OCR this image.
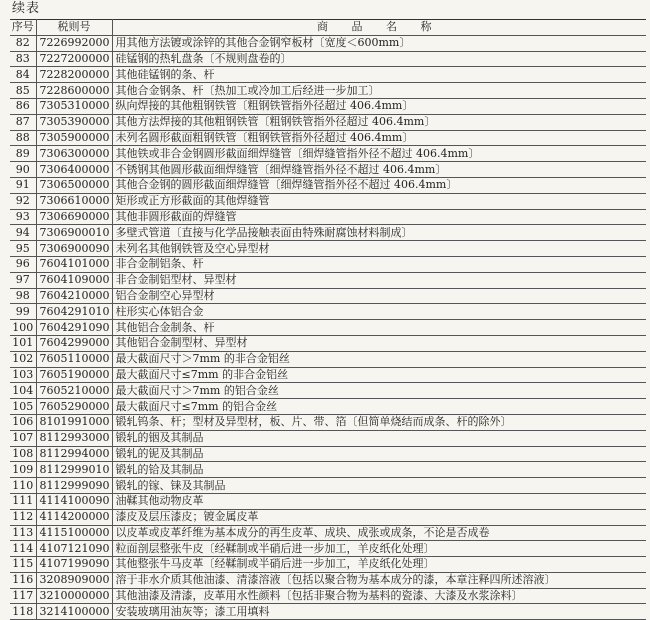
续表
序号	税则号	商 品 名 称
82	7226992000	用其他方法镀或涂锌的其他合金钢窄板材〔宽度＜600mm〕
83	7227200000	硅锰钢的热轧盘条〔不规则盘卷的〕
84	7228200000	其他硅锰钢的条、杆
85	7228600000	其他合金钢条、杆〔热加工或冷加工后经进一步加工〕
86	7305310000	纵向焊接的其他粗钢铁管〔粗钢铁管指外径超过 406.4mm〕
87	7305390000	其他方法焊接的其他粗钢铁管〔粗钢铁管指外径超过 406.4mm〕
88	7305900000	未列名圆形截面粗钢铁管〔粗钢铁管指外径超过 406.4mm〕
89	7306300000	其他铁或非合金钢圆形截面细焊缝管〔细焊缝管指外径不超过 406.4mm〕
90	7306400000	不锈钢其他圆形截面细焊缝管〔细焊缝管指外径不超过 406.4mm〕
91	7306500000	其他合金钢的圆形截面细焊缝管〔细焊缝管指外径不超过 406.4mm〕
92	7306610000	矩形或正方形截面的其他焊缝管
93	7306690000	其他非圆形截面的焊缝管
94	7306900010	多壁式管道〔直接与化学品接触表面由特殊耐腐蚀材料制成〕
95	7306900090	未列名其他钢铁管及空心异型材
96	7604101000	非合金制铝条、杆
97	7604109000	非合金制铝型材、异型材
98	7604210000	铝合金制空心异型材
99	7604291010	柱形实心体铝合金
100	7604291090	其他铝合金制条、杆
101	7604299000	其他铝合金制型材、异型材
102	7605110000	最大截面尺寸＞7mm 的非合金铝丝
103	7605190000	最大截面尺寸≤7mm 的非合金铝丝
104	7605210000	最大截面尺寸＞7mm 的铝合金丝
105	7605290000	最大截面尺寸≤7mm 的铝合金丝
106	8101991000	锻轧钨条、杆；型材及异型材，板、片、带、箔〔但简单烧结而成条、杆的除外〕
107	8112993000	锻轧的铟及其制品
108	8112994000	锻轧的铌及其制品
109	8112999010	锻轧的铪及其制品
110	8112999090	锻轧的镓、铼及其制品
111	4114100090	油鞣其他动物皮革
112	4114200000	漆皮及层压漆皮；镀金属皮革
113	4115100000	以皮革或皮革纤维为基本成分的再生皮革、成块、成张或成条，不论是否成卷
114	4107121090	粒面剖层整张牛皮〔经鞣制或半硝后进一步加工，羊皮纸化处理〕
115	4107199090	其他整张牛马皮革〔经鞣制或半硝后进一步加工，羊皮纸化处理〕
116	3208909000	溶于非水介质其他油漆、清漆溶液〔包括以聚合物为基本成分的漆，本章注释四所述溶液〕
117	3210000000	其他油漆及清漆，皮革用水性颜料〔包括非聚合物为基料的瓷漆、大漆及水浆涂料〕
118	3214100000	安装玻璃用油灰等；漆工用填料
